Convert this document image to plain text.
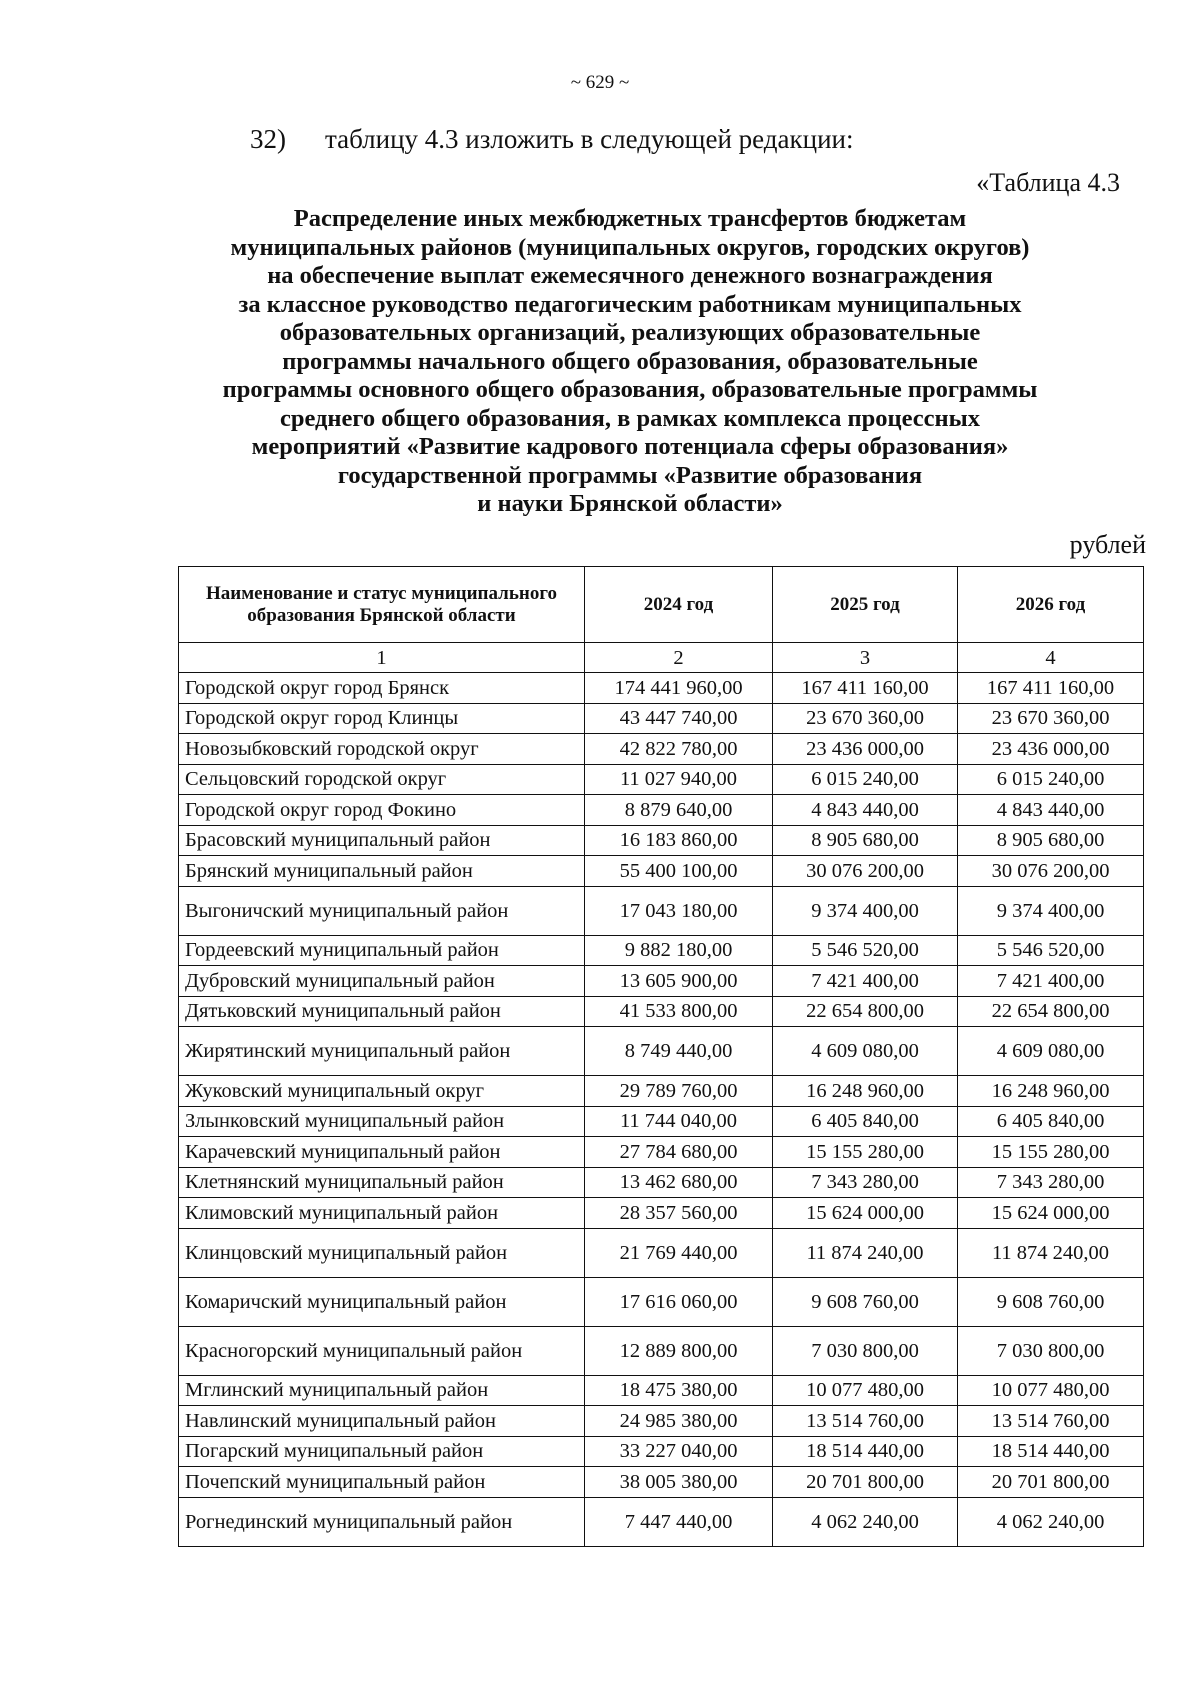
~ 629 ~
32) таблицу 4.3 изложить в следующей редакции:
«Таблица 4.3
Распределение иных межбюджетных трансфертов бюджетам
муниципальных районов (муниципальных округов, городских округов)
на обеспечение выплат ежемесячного денежного вознаграждения
за классное руководство педагогическим работникам муниципальных
образовательных организаций, реализующих образовательные
программы начального общего образования, образовательные
программы основного общего образования, образовательные программы
среднего общего образования, в рамках комплекса процессных
мероприятий «Развитие кадрового потенциала сферы образования»
государственной программы «Развитие образования
и науки Брянской области»
рублей
Наименование и статус муниципального образования Брянской области	2024 год	2025 год	2026 год
1	2	3	4
Городской округ город Брянск	174 441 960,00	167 411 160,00	167 411 160,00
Городской округ город Клинцы	43 447 740,00	23 670 360,00	23 670 360,00
Новозыбковский городской округ	42 822 780,00	23 436 000,00	23 436 000,00
Сельцовский городской округ	11 027 940,00	6 015 240,00	6 015 240,00
Городской округ город Фокино	8 879 640,00	4 843 440,00	4 843 440,00
Брасовский муниципальный район	16 183 860,00	8 905 680,00	8 905 680,00
Брянский муниципальный район	55 400 100,00	30 076 200,00	30 076 200,00
Выгоничский муниципальный район	17 043 180,00	9 374 400,00	9 374 400,00
Гордеевский муниципальный район	9 882 180,00	5 546 520,00	5 546 520,00
Дубровский муниципальный район	13 605 900,00	7 421 400,00	7 421 400,00
Дятьковский муниципальный район	41 533 800,00	22 654 800,00	22 654 800,00
Жирятинский муниципальный район	8 749 440,00	4 609 080,00	4 609 080,00
Жуковский муниципальный округ	29 789 760,00	16 248 960,00	16 248 960,00
Злынковский муниципальный район	11 744 040,00	6 405 840,00	6 405 840,00
Карачевский муниципальный район	27 784 680,00	15 155 280,00	15 155 280,00
Клетнянский муниципальный район	13 462 680,00	7 343 280,00	7 343 280,00
Климовский муниципальный район	28 357 560,00	15 624 000,00	15 624 000,00
Клинцовский муниципальный район	21 769 440,00	11 874 240,00	11 874 240,00
Комаричский муниципальный район	17 616 060,00	9 608 760,00	9 608 760,00
Красногорский муниципальный район	12 889 800,00	7 030 800,00	7 030 800,00
Мглинский муниципальный район	18 475 380,00	10 077 480,00	10 077 480,00
Навлинский муниципальный район	24 985 380,00	13 514 760,00	13 514 760,00
Погарский муниципальный район	33 227 040,00	18 514 440,00	18 514 440,00
Почепский муниципальный район	38 005 380,00	20 701 800,00	20 701 800,00
Рогнединский муниципальный район	7 447 440,00	4 062 240,00	4 062 240,00
